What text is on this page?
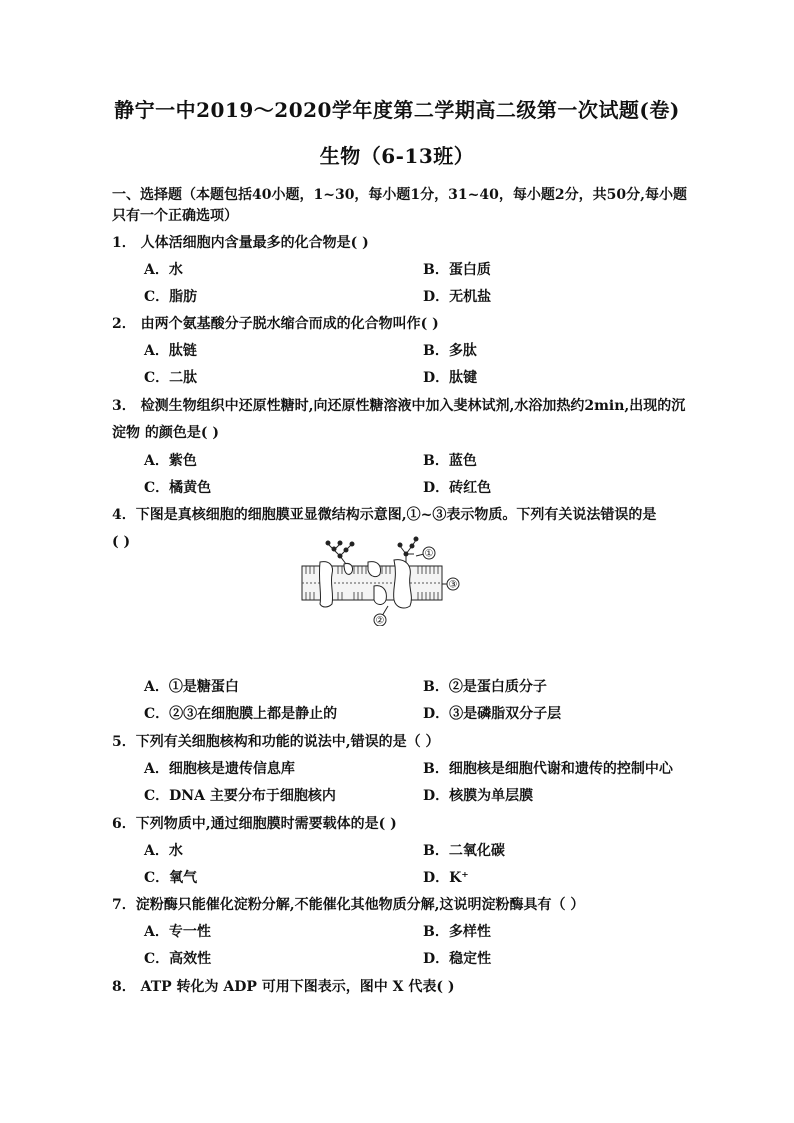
静宁一中2019～2020学年度第二学期高二级第一次试题(卷)
生物（6-13班）
一、选择题（本题包括40小题，1~30，每小题1分，31~40，每小题2分，共50分,每小题
只有一个正确选项）
1． 人体活细胞内含量最多的化合物是( )
A．水	B．蛋白质
C．脂肪	D．无机盐
2． 由两个氨基酸分子脱水缩合而成的化合物叫作( )
A．肽链	B．多肽
C．二肽	D．肽键
3． 检测生物组织中还原性糖时,向还原性糖溶液中加入斐林试剂,水浴加热约2min,出现的沉
淀物 的颜色是( )
A．紫色	B．蓝色
C．橘黄色	D．砖红色
4．下图是真核细胞的细胞膜亚显微结构示意图,①~③表示物质。下列有关说法错误的是
( )
①
③
②
A．①是糖蛋白	B．②是蛋白质分子
C．②③在细胞膜上都是静止的	D．③是磷脂双分子层
5．下列有关细胞核构和功能的说法中,错误的是（ ）
A．细胞核是遗传信息库	B．细胞核是细胞代谢和遗传的控制中心
C．DNA 主要分布于细胞核内	D．核膜为单层膜
6．下列物质中,通过细胞膜时需要载体的是( )
A．水	B．二氧化碳
C．氧气	D．K⁺
7．淀粉酶只能催化淀粉分解,不能催化其他物质分解,这说明淀粉酶具有（ ）
A．专一性	B．多样性
C．高效性	D．稳定性
8． ATP 转化为 ADP 可用下图表示，图中 X 代表( )
